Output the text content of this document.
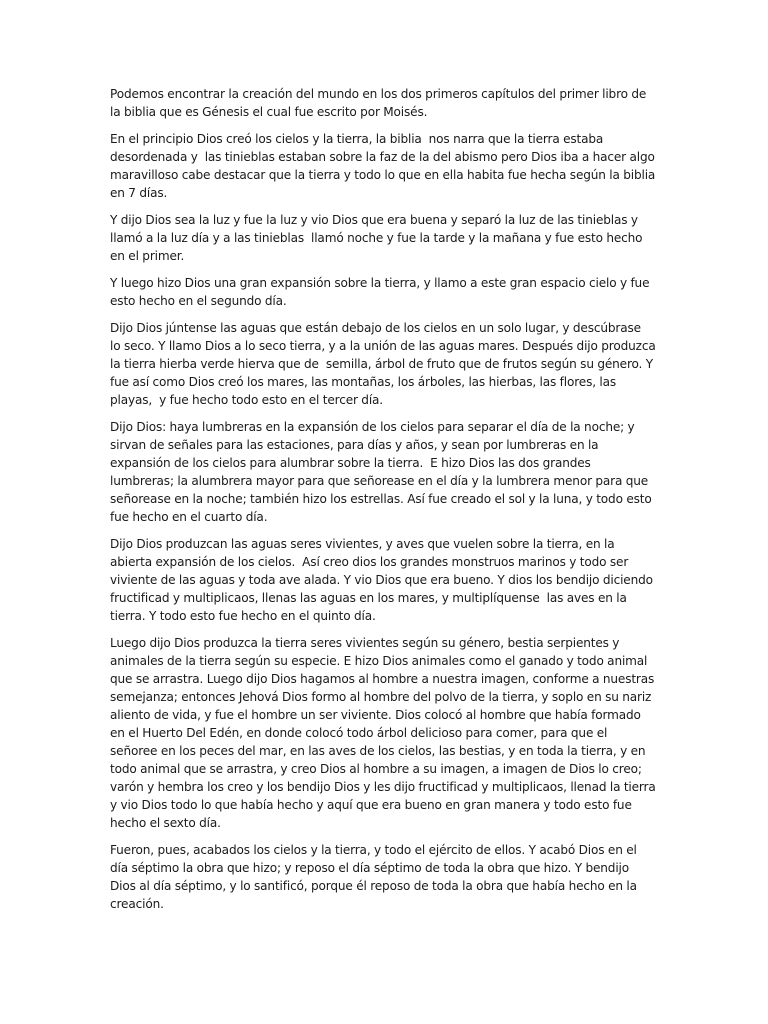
Podemos encontrar la creación del mundo en los dos primeros capítulos del primer libro de la biblia que es Génesis el cual fue escrito por Moisés.

En el principio Dios creó los cielos y la tierra, la biblia  nos narra que la tierra estaba desordenada y  las tinieblas estaban sobre la faz de la del abismo pero Dios iba a hacer algo maravilloso cabe destacar que la tierra y todo lo que en ella habita fue hecha según la biblia en 7 días.

Y dijo Dios sea la luz y fue la luz y vio Dios que era buena y separó la luz de las tinieblas y llamó a la luz día y a las tinieblas  llamó noche y fue la tarde y la mañana y fue esto hecho en el primer.

Y luego hizo Dios una gran expansión sobre la tierra, y llamo a este gran espacio cielo y fue esto hecho en el segundo día.

Dijo Dios júntense las aguas que están debajo de los cielos en un solo lugar, y descúbrase  lo seco. Y llamo Dios a lo seco tierra, y a la unión de las aguas mares. Después dijo produzca la tierra hierba verde hierva que de  semilla, árbol de fruto que de frutos según su género. Y fue así como Dios creó los mares, las montañas, los árboles, las hierbas, las flores, las playas,  y fue hecho todo esto en el tercer día.

Dijo Dios: haya lumbreras en la expansión de los cielos para separar el día de la noche; y sirvan de señales para las estaciones, para días y años, y sean por lumbreras en la expansión de los cielos para alumbrar sobre la tierra.  E hizo Dios las dos grandes lumbreras; la alumbrera mayor para que señorease en el día y la lumbrera menor para que señorease en la noche; también hizo los estrellas. Así fue creado el sol y la luna, y todo esto fue hecho en el cuarto día.

Dijo Dios produzcan las aguas seres vivientes, y aves que vuelen sobre la tierra, en la abierta expansión de los cielos.  Así creo dios los grandes monstruos marinos y todo ser viviente de las aguas y toda ave alada. Y vio Dios que era bueno. Y dios los bendijo diciendo fructificad y multiplicaos, llenas las aguas en los mares, y multiplíquense  las aves en la tierra. Y todo esto fue hecho en el quinto día.

Luego dijo Dios produzca la tierra seres vivientes según su género, bestia serpientes y animales de la tierra según su especie. E hizo Dios animales como el ganado y todo animal que se arrastra. Luego dijo Dios hagamos al hombre a nuestra imagen, conforme a nuestras semejanza; entonces Jehová Dios formo al hombre del polvo de la tierra, y soplo en su nariz aliento de vida, y fue el hombre un ser viviente. Dios colocó al hombre que había formado en el Huerto Del Edén, en donde colocó todo árbol delicioso para comer, para que el  señoree en los peces del mar, en las aves de los cielos, las bestias, y en toda la tierra, y en todo animal que se arrastra, y creo Dios al hombre a su imagen, a imagen de Dios lo creo; varón y hembra los creo y los bendijo Dios y les dijo fructificad y multiplicaos, llenad la tierra y vio Dios todo lo que había hecho y aquí que era bueno en gran manera y todo esto fue hecho el sexto día.

Fueron, pues, acabados los cielos y la tierra, y todo el ejército de ellos. Y acabó Dios en el día séptimo la obra que hizo; y reposo el día séptimo de toda la obra que hizo. Y bendijo Dios al día séptimo, y lo santificó, porque él reposo de toda la obra que había hecho en la creación.
